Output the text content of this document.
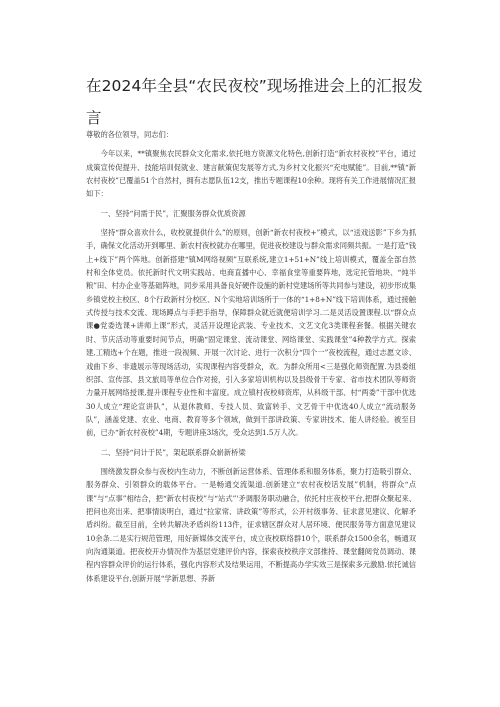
在2024年全县“农民夜校”现场推进会上的汇报发言

尊敬的各位领导，同志们：

今年以来，**镇聚焦农民群众文化需求,依托地方资源文化特色,创新打造“新农村夜校”平台，通过成策宣传促提升、技能培训促就业、建言献策促发展等方式,为乡村文化振兴“充电赋能”。目前,**镇“新农村夜校”已覆盖51个自然村，拥有志愿队伍12支，推出专题课程10余种。现将有关工作进展情况汇报如下：

一、坚持“问需于民”，汇聚服务群众优质资源

坚持“群众喜欢什么，收校就提供什么”的原则，创新“新农村夜校+”模式，以“送戏送影”下乡为抓手，确保文化活动开到哪里、新农村夜校就办在哪里，促进夜校建设与群众需求同频共振。一是打造“钱上+线下”两个阵地。创新搭建“镇M网络视频”互联系统,建立1+51+N”线上培训模式，覆盖全部自然村和全体党员。依托新时代文明实践站、电商直播中心、幸福食堂等重要阵地，选定托管地块、“炖半粮”田、村办企业等基础阵地，同步采用具备良好硬件设施的新村党建场所等共同参与建设，初步形成集乡镇党校主校区、8个行政新村分校区、N个实地培训场所于一体的“1+8+N”线下培训体系，通过接触式传授与技术交流、现场蹲点与手把手指导，保障群众就近就便培训学习.二是灵活设置课程.以“群众点课●党委选课+讲师上课”形式，灵活开设理论武装、专业技术、文艺文化3类课程套餐。根据关键农时、节庆活动等重要时间节点，明确“固定课堂、流动课堂、网络课堂、实践课堂”4种教学方式。探索建,工精选+个在题，推进一段视频、开展一次讨论、进行一次积分“四个一”夜校流程，通过志愿文诊、戏曲下乡、非遗展示等现场活动，实现课程内容受群众，欢。为群众所用<三是强化师资配置.为县委组织部、宣传部、县文旅局等单位合作对接，引入多家培训机构以及县级骨干专家、省市技术团队等师资力量开展网络授课,提升课程专业性和丰富度。成立镇村夜校师资库，从科级干部、村“两委”干部中优选30人成立“理论宣讲队”，从退休教师、专技人员、致富转手、文艺骨干中优选40人成立“流动服务队”，涵盖党建、农业、电商、教育等多个领域，做到干部讲政策、专家讲技术、能人讲经验。被至目前，已办“新农村夜校”4期，专题讲座3场次，受众达到1.5万人次。

二、坚持“问计于民”，架起联系群众崭新桥梁

围绕激发群众参与夜校内生动力，不断创新运营体系、管理体系和服务体系，聚力打造吸引群众、服务群众、引领群众的载体平台。一是畅通交流渠道.创新建立“农村夜校话发展”机制，将群众“点课”与“点事”相结合，把“新农村夜校”与“站式”'矛调服务职动融合，依托村庄夜校平台,把群众聚起来、把问也亮出来、把事情谈明白，通过“拉家常、讲政策”等形式，公开村级事务、征求意见建议、化解矛盾纠纷。截至目前，全转共解决矛盾纠纷113件，征求辖区群众对人居环境、便民服务等方面意见建议10余条.二是实行规范管理，用好新媒体交流平台，成立夜校联络群10个，联系群众1500余名，畅通双向沟通渠道。把夜校开办情况作为基层党建评价内容，探索夜校秩序文部推持、课堂翻阅党员调动、课程内容群众评价的运行体系，强化内容形式及结果运用，不断提高办学实效三是探索多元激励.依托诚信体系建设平台,创新开展“学新思想、养新
